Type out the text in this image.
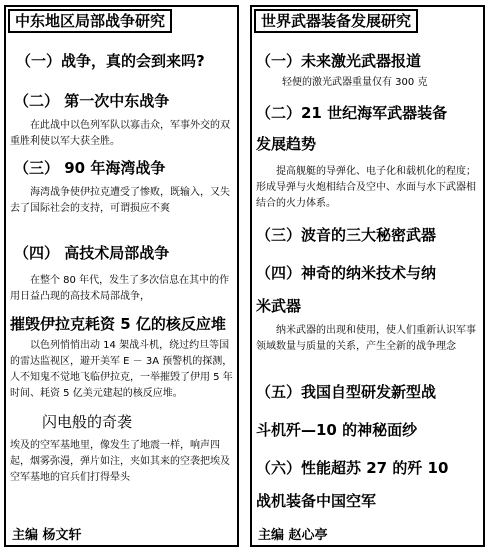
中东地区局部战争研究
（一）战争，真的会到来吗?
（二） 第一次中东战争
在此战中以色列军队以寡击众，军事外交的双重胜利使以军大获全胜。
（三） 90 年海湾战争
海湾战争使伊拉克遭受了惨败，既输入，又失去了国际社会的支持，可谓损应不爽
（四） 高技术局部战争
在整个 80 年代，发生了多次信息在其中的作用日益凸现的高技术局部战争，
摧毁伊拉克耗资 5 亿的核反应堆
以色列悄悄出动 14 架战斗机，绕过约旦等国的雷达监视区，避开美军 E － 3A 预警机的探测，人不知鬼不觉地飞临伊拉克，一举摧毁了伊用 5 年时间、耗资 5 亿美元建起的核反应堆。
闪电般的奇袭
埃及的空军基地里，像发生了地震一样，响声四起，烟雾弥漫，弹片如注，夹如其来的空袭把埃及空军基地的官兵们打得晕头
主编 杨文轩
世界武器装备发展研究
（一）未来激光武器报道
轻便的激光武器重量仅有 300 克
（二）21 世纪海军武器装备
发展趋势
提高舰艇的导弹化、电子化和载机化的程度；形成导弹与火炮相结合及空中、水面与水下武器相结合的火力体系。
（三）波音的三大秘密武器
（四）神奇的纳米技术与纳
米武器
纳米武器的出现和使用，使人们重新认识军事领域数量与质量的关系，产生全新的战争理念
（五）我国自型研发新型战
斗机歼—10 的神秘面纱
（六）性能超苏 27 的歼 10
战机装备中国空军
主编 赵心亭
